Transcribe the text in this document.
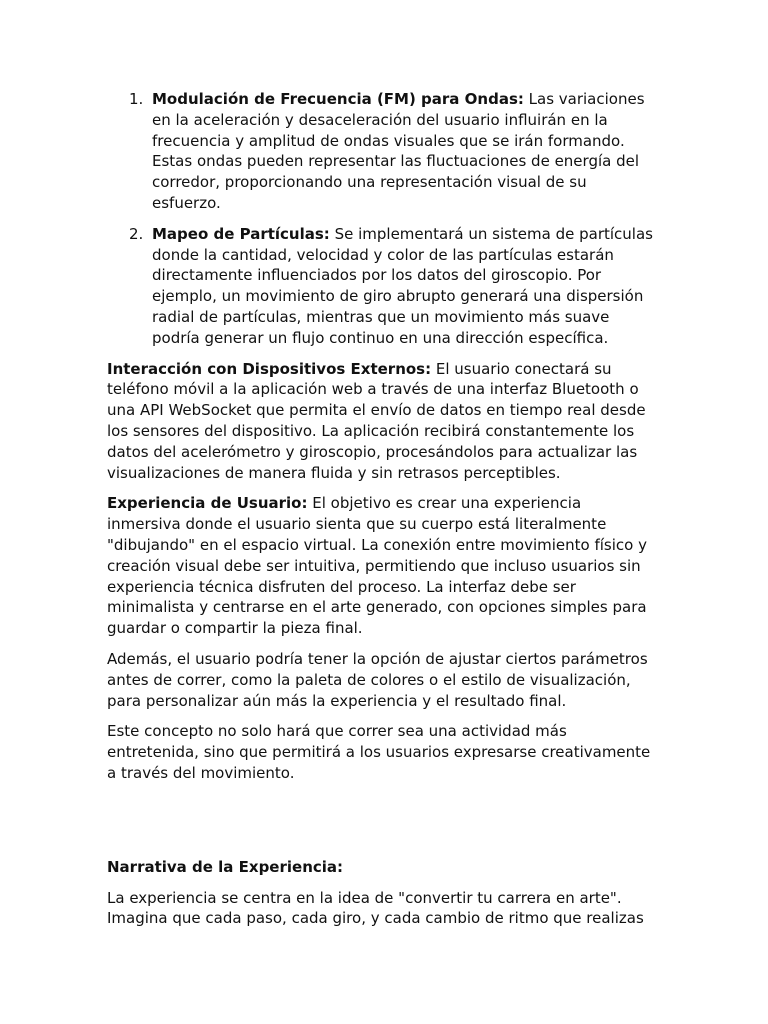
1. Modulación de Frecuencia (FM) para Ondas: Las variaciones en la aceleración y desaceleración del usuario influirán en la frecuencia y amplitud de ondas visuales que se irán formando. Estas ondas pueden representar las fluctuaciones de energía del corredor, proporcionando una representación visual de su esfuerzo.
2. Mapeo de Partículas: Se implementará un sistema de partículas donde la cantidad, velocidad y color de las partículas estarán directamente influenciados por los datos del giroscopio. Por ejemplo, un movimiento de giro abrupto generará una dispersión radial de partículas, mientras que un movimiento más suave podría generar un flujo continuo en una dirección específica.

Interacción con Dispositivos Externos: El usuario conectará su teléfono móvil a la aplicación web a través de una interfaz Bluetooth o una API WebSocket que permita el envío de datos en tiempo real desde los sensores del dispositivo. La aplicación recibirá constantemente los datos del acelerómetro y giroscopio, procesándolos para actualizar las visualizaciones de manera fluida y sin retrasos perceptibles.

Experiencia de Usuario: El objetivo es crear una experiencia inmersiva donde el usuario sienta que su cuerpo está literalmente "dibujando" en el espacio virtual. La conexión entre movimiento físico y creación visual debe ser intuitiva, permitiendo que incluso usuarios sin experiencia técnica disfruten del proceso. La interfaz debe ser minimalista y centrarse en el arte generado, con opciones simples para guardar o compartir la pieza final.

Además, el usuario podría tener la opción de ajustar ciertos parámetros antes de correr, como la paleta de colores o el estilo de visualización, para personalizar aún más la experiencia y el resultado final.

Este concepto no solo hará que correr sea una actividad más entretenida, sino que permitirá a los usuarios expresarse creativamente a través del movimiento.

Narrativa de la Experiencia:

La experiencia se centra en la idea de "convertir tu carrera en arte". Imagina que cada paso, cada giro, y cada cambio de ritmo que realizas
